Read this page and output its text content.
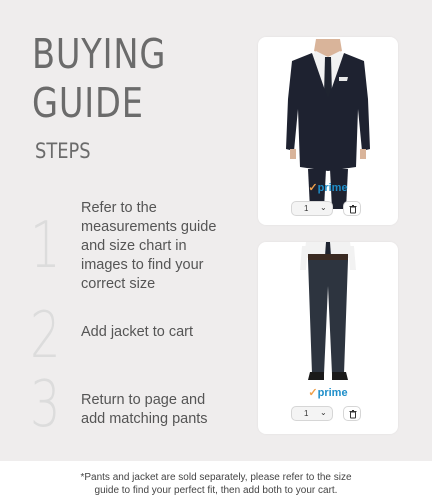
BUYING GUIDE
STEPS
1
Refer to the measurements guide and size chart in images to find your correct size
2 Add jacket to cart
3 Return to page and add matching pants
✓prime
1 ⌄
✓prime
1 ⌄
*Pants and jacket are sold separately, please refer to the size
guide to find your perfect fit, then add both to your cart.
